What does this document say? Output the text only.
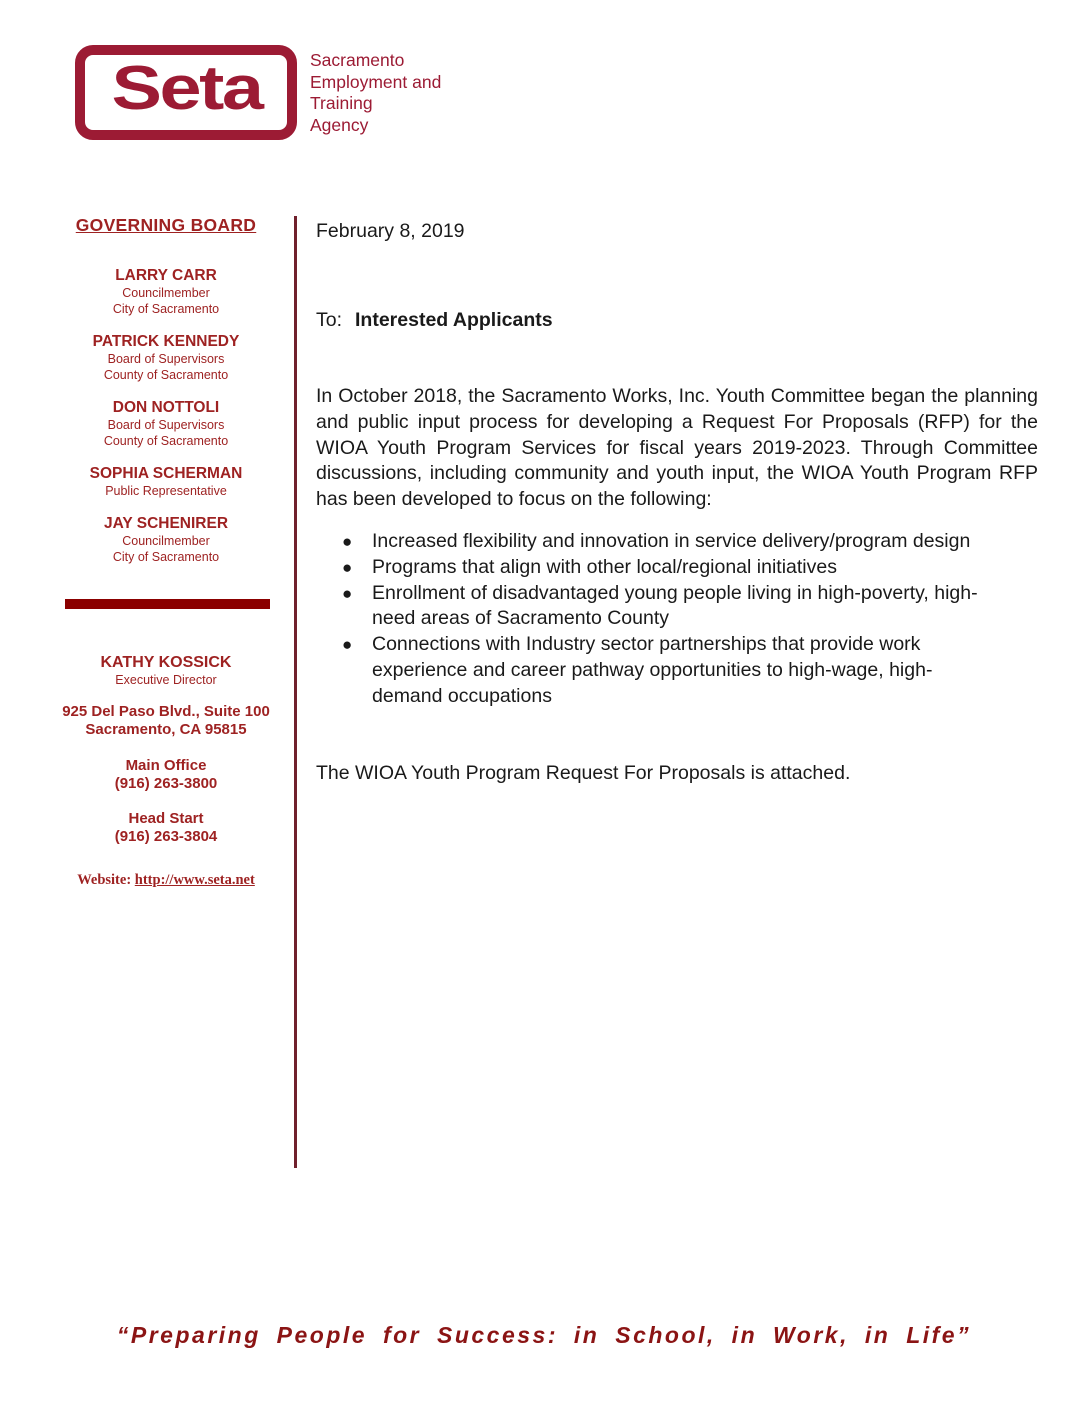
Seta	Sacramento
Employment and
Training
Agency
GOVERNING BOARD
LARRY CARR
Councilmember
City of Sacramento
PATRICK KENNEDY
Board of Supervisors
County of Sacramento
DON NOTTOLI
Board of Supervisors
County of Sacramento
SOPHIA SCHERMAN
Public Representative
JAY SCHENIRER
Councilmember
City of Sacramento
KATHY KOSSICK
Executive Director
925 Del Paso Blvd., Suite 100
Sacramento, CA 95815
Main Office
(916) 263-3800
Head Start
(916) 263-3804
Website: http://www.seta.net
February 8, 2019
To: Interested Applicants
In October 2018, the Sacramento Works, Inc. Youth Committee began the planning and public input process for developing a Request For Proposals (RFP) for the WIOA Youth Program Services for fiscal years 2019-2023. Through Committee discussions, including community and youth input, the WIOA Youth Program RFP has been developed to focus on the following:
●	Increased flexibility and innovation in service delivery/program design
●	Programs that align with other local/regional initiatives
●	Enrollment of disadvantaged young people living in high-poverty, high-need areas of Sacramento County
●	Connections with Industry sector partnerships that provide work experience and career pathway opportunities to high-wage, high-demand occupations
The WIOA Youth Program Request For Proposals is attached.
“Preparing People for Success: in School, in Work, in Life”
